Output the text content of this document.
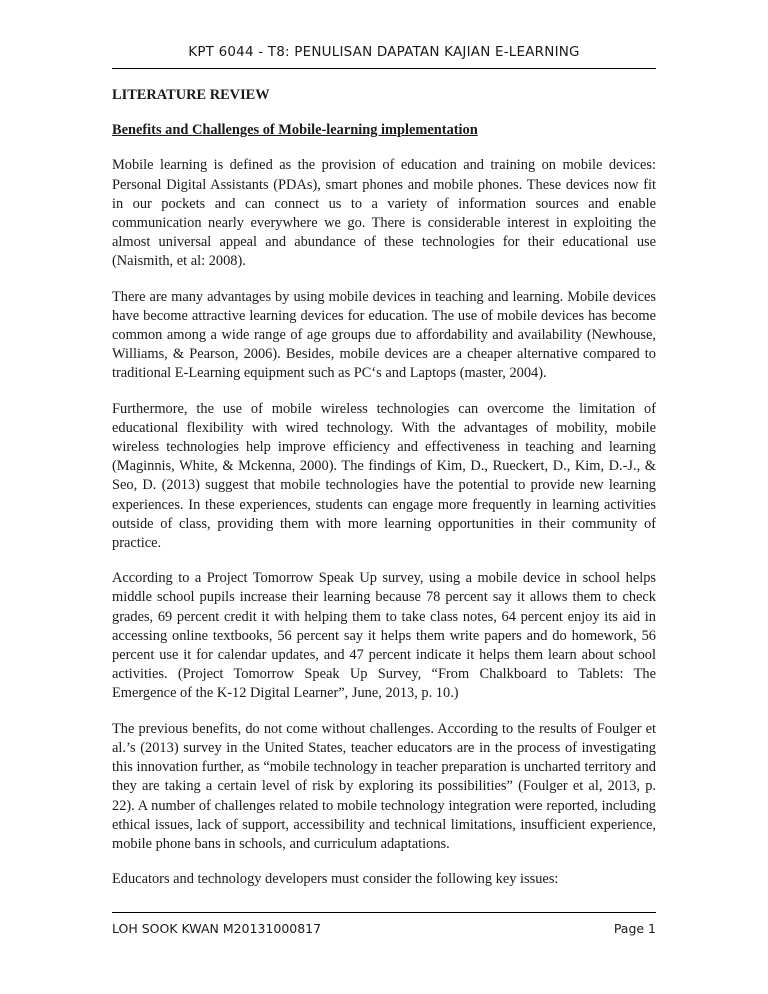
KPT 6044 - T8: PENULISAN DAPATAN KAJIAN E-LEARNING

LITERATURE REVIEW

Benefits and Challenges of Mobile-learning implementation

Mobile learning is defined as the provision of education and training on mobile devices: Personal Digital Assistants (PDAs), smart phones and mobile phones. These devices now fit in our pockets and can connect us to a variety of information sources and enable communication nearly everywhere we go. There is considerable interest in exploiting the almost universal appeal and abundance of these technologies for their educational use (Naismith, et al: 2008).

There are many advantages by using mobile devices in teaching and learning. Mobile devices have become attractive learning devices for education. The use of mobile devices has become common among a wide range of age groups due to affordability and availability (Newhouse, Williams, & Pearson, 2006). Besides, mobile devices are a cheaper alternative compared to traditional E-Learning equipment such as PC‘s and Laptops (master, 2004).

Furthermore, the use of mobile wireless technologies can overcome the limitation of educational flexibility with wired technology. With the advantages of mobility, mobile wireless technologies help improve efficiency and effectiveness in teaching and learning (Maginnis, White, & Mckenna, 2000). The findings of Kim, D., Rueckert, D., Kim, D.-J., & Seo, D. (2013) suggest that mobile technologies have the potential to provide new learning experiences. In these experiences, students can engage more frequently in learning activities outside of class, providing them with more learning opportunities in their community of practice.

According to a Project Tomorrow Speak Up survey, using a mobile device in school helps middle school pupils increase their learning because 78 percent say it allows them to check grades, 69 percent credit it with helping them to take class notes, 64 percent enjoy its aid in accessing online textbooks, 56 percent say it helps them write papers and do homework, 56 percent use it for calendar updates, and 47 percent indicate it helps them learn about school activities. (Project Tomorrow Speak Up Survey, “From Chalkboard to Tablets: The Emergence of the K-12 Digital Learner”, June, 2013, p. 10.)

The previous benefits, do not come without challenges. According to the results of Foulger et al.’s (2013) survey in the United States, teacher educators are in the process of investigating this innovation further, as “mobile technology in teacher preparation is uncharted territory and they are taking a certain level of risk by exploring its possibilities” (Foulger et al, 2013, p. 22). A number of challenges related to mobile technology integration were reported, including ethical issues, lack of support, accessibility and technical limitations, insufficient experience, mobile phone bans in schools, and curriculum adaptations.

Educators and technology developers must consider the following key issues:

LOH SOOK KWAN M20131000817	Page 1
